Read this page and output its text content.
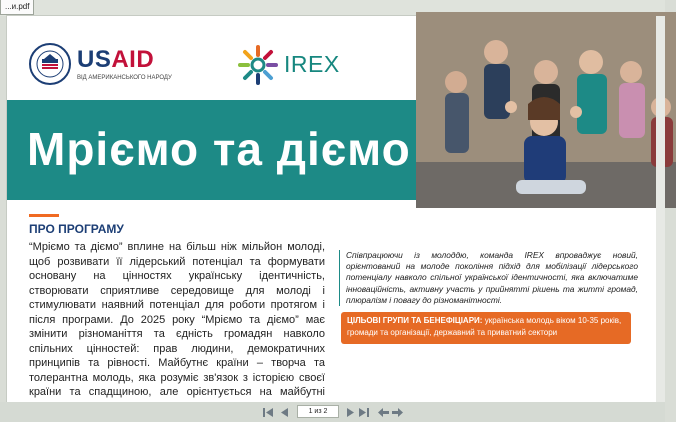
...и.pdf
USAID
ВІД АМЕРИКАНСЬКОГО НАРОДУ
IREX
Мріємо та діємо
ПРО ПРОГРАМУ
“Мріємо та діємо” вплине на більш ніж мільйон молоді, щоб розвивати її лідерський потенціал та формувати основану на цінностях українську ідентичність, створювати сприятливе середовище для молоді і стимулювати наявний потенціал для роботи протягом і після програми. До 2025 року “Мріємо та діємо” має змінити різноманіття та єдність громадян навколо спільних цінностей: прав людини, демократичних принципів та рівності. Майбутнє країни – творча та толерантна молодь, яка розуміє зв'язок з історією своєї країни та спадщиною, але орієнтується на майбутні
Співпрацюючи із молоддю, команда IREX впроваджує новий, орієнтований на молоде покоління підхід для мобілізації лідерського потенціалу навколо спільної української ідентичності, яка включатиме інноваційність, активну участь у прийнятті рішень та житті громад, плюралізм і повагу до різноманітності.
ЦІЛЬОВІ ГРУПИ ТА БЕНЕФІЦІАРИ: українська молодь віком 10-35 років, громади та організації, державний та приватний сектори
1 из 2
